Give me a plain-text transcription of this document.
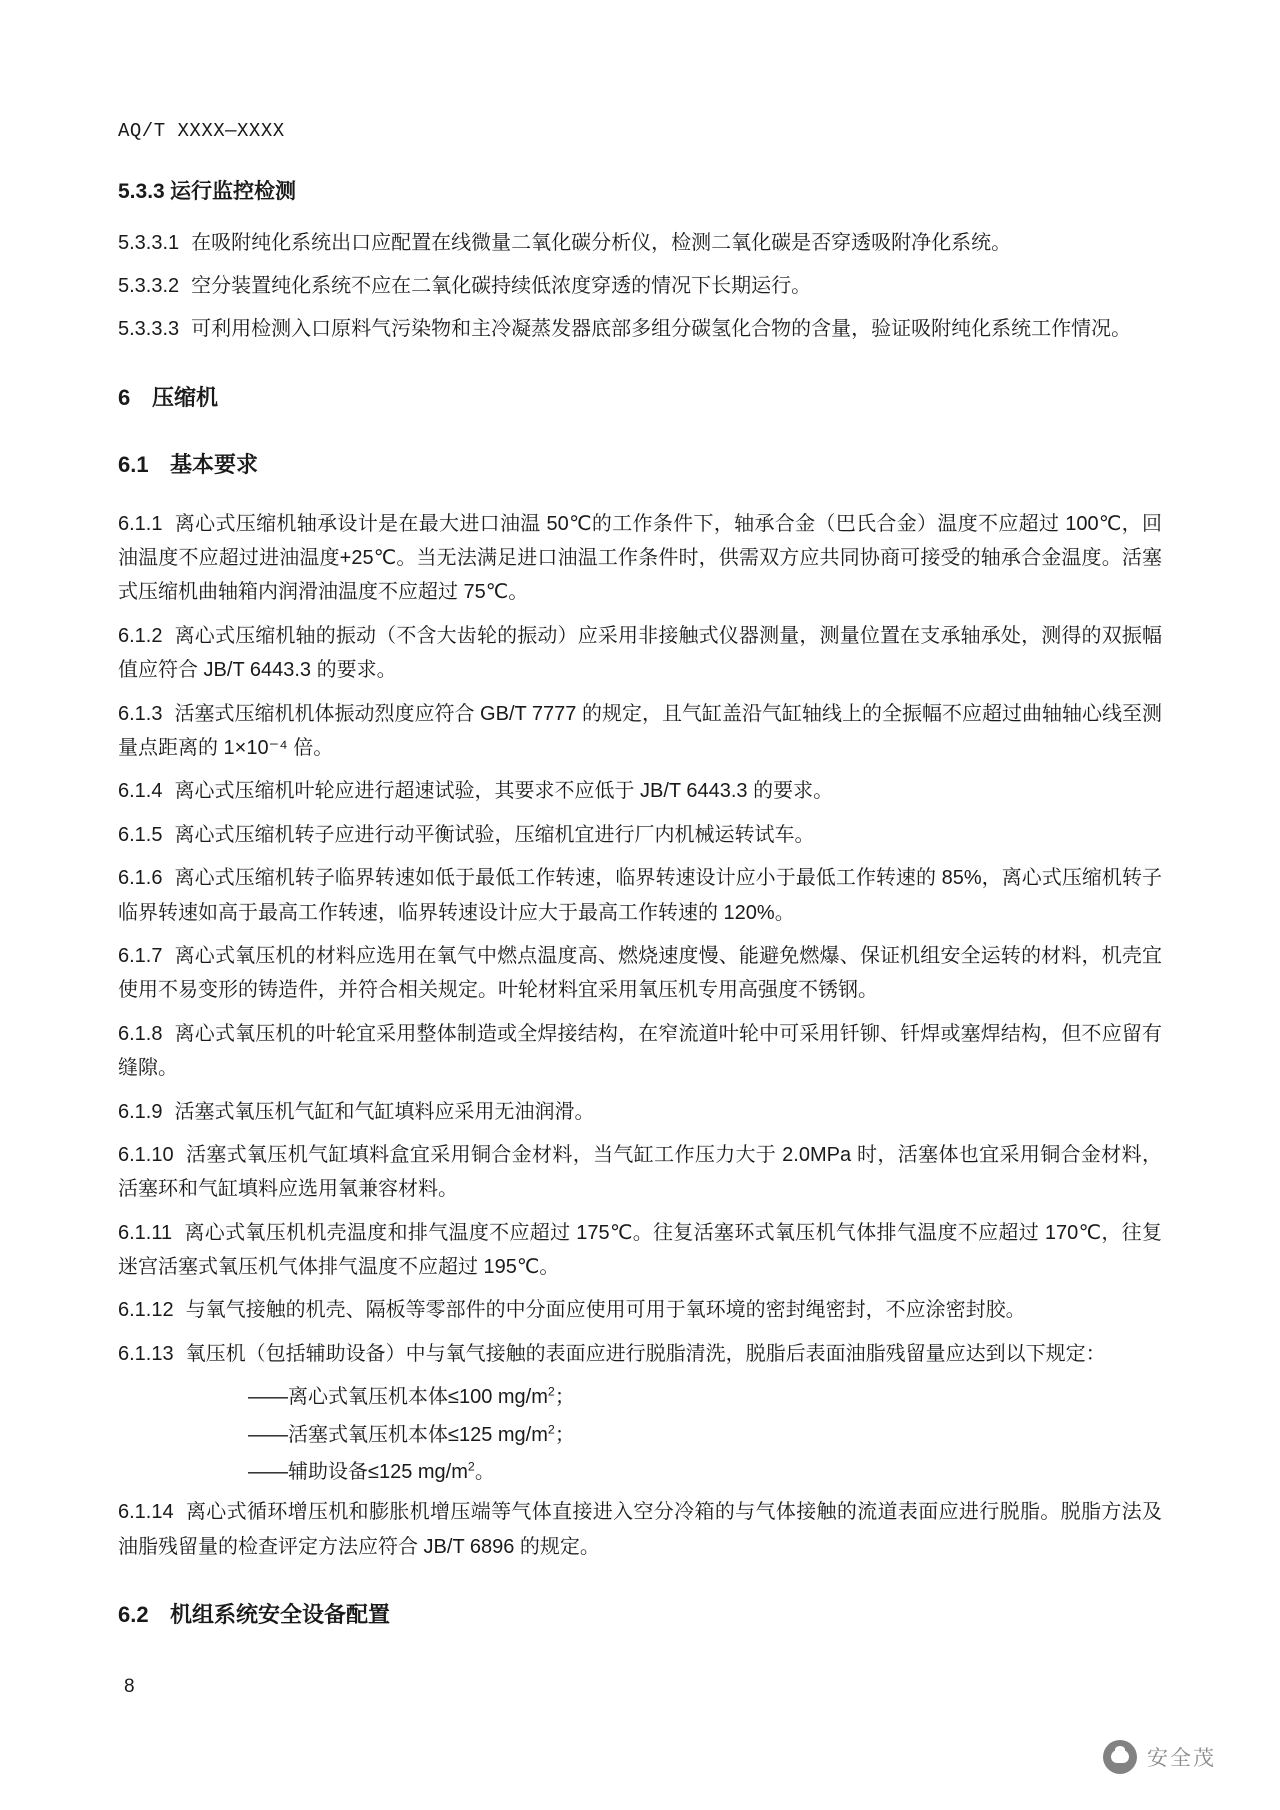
AQ/T XXXX—XXXX
5.3.3 运行监控检测

5.3.3.1 在吸附纯化系统出口应配置在线微量二氧化碳分析仪，检测二氧化碳是否穿透吸附净化系统。

5.3.3.2 空分装置纯化系统不应在二氧化碳持续低浓度穿透的情况下长期运行。

5.3.3.3 可利用检测入口原料气污染物和主冷凝蒸发器底部多组分碳氢化合物的含量，验证吸附纯化系统工作情况。

6 压缩机
6.1 基本要求

6.1.1 离心式压缩机轴承设计是在最大进口油温 50℃的工作条件下，轴承合金（巴氏合金）温度不应超过 100℃，回油温度不应超过进油温度+25℃。当无法满足进口油温工作条件时，供需双方应共同协商可接受的轴承合金温度。活塞式压缩机曲轴箱内润滑油温度不应超过 75℃。

6.1.2 离心式压缩机轴的振动（不含大齿轮的振动）应采用非接触式仪器测量，测量位置在支承轴承处，测得的双振幅值应符合 JB/T 6443.3 的要求。

6.1.3 活塞式压缩机机体振动烈度应符合 GB/T 7777 的规定，且气缸盖沿气缸轴线上的全振幅不应超过曲轴轴心线至测量点距离的 1×10⁻⁴ 倍。

6.1.4 离心式压缩机叶轮应进行超速试验，其要求不应低于 JB/T 6443.3 的要求。

6.1.5 离心式压缩机转子应进行动平衡试验，压缩机宜进行厂内机械运转试车。

6.1.6 离心式压缩机转子临界转速如低于最低工作转速，临界转速设计应小于最低工作转速的 85%，离心式压缩机转子临界转速如高于最高工作转速，临界转速设计应大于最高工作转速的 120%。

6.1.7 离心式氧压机的材料应选用在氧气中燃点温度高、燃烧速度慢、能避免燃爆、保证机组安全运转的材料，机壳宜使用不易变形的铸造件，并符合相关规定。叶轮材料宜采用氧压机专用高强度不锈钢。

6.1.8 离心式氧压机的叶轮宜采用整体制造或全焊接结构，在窄流道叶轮中可采用钎铆、钎焊或塞焊结构，但不应留有缝隙。

6.1.9 活塞式氧压机气缸和气缸填料应采用无油润滑。

6.1.10 活塞式氧压机气缸填料盒宜采用铜合金材料，当气缸工作压力大于 2.0MPa 时，活塞体也宜采用铜合金材料，活塞环和气缸填料应选用氧兼容材料。

6.1.11 离心式氧压机机壳温度和排气温度不应超过 175℃。往复活塞环式氧压机气体排气温度不应超过 170℃，往复迷宫活塞式氧压机气体排气温度不应超过 195℃。

6.1.12 与氧气接触的机壳、隔板等零部件的中分面应使用可用于氧环境的密封绳密封，不应涂密封胶。

6.1.13 氧压机（包括辅助设备）中与氧气接触的表面应进行脱脂清洗，脱脂后表面油脂残留量应达到以下规定：

——离心式氧压机本体≤100 $mg/m^2$；
——活塞式氧压机本体≤125 $mg/m^2$；
——辅助设备≤125 $mg/m^2$。

6.1.14 离心式循环增压机和膨胀机增压端等气体直接进入空分冷箱的与气体接触的流道表面应进行脱脂。脱脂方法及油脂残留量的检查评定方法应符合 JB/T 6896 的规定。

6.2 机组系统安全设备配置
8
安全茂
